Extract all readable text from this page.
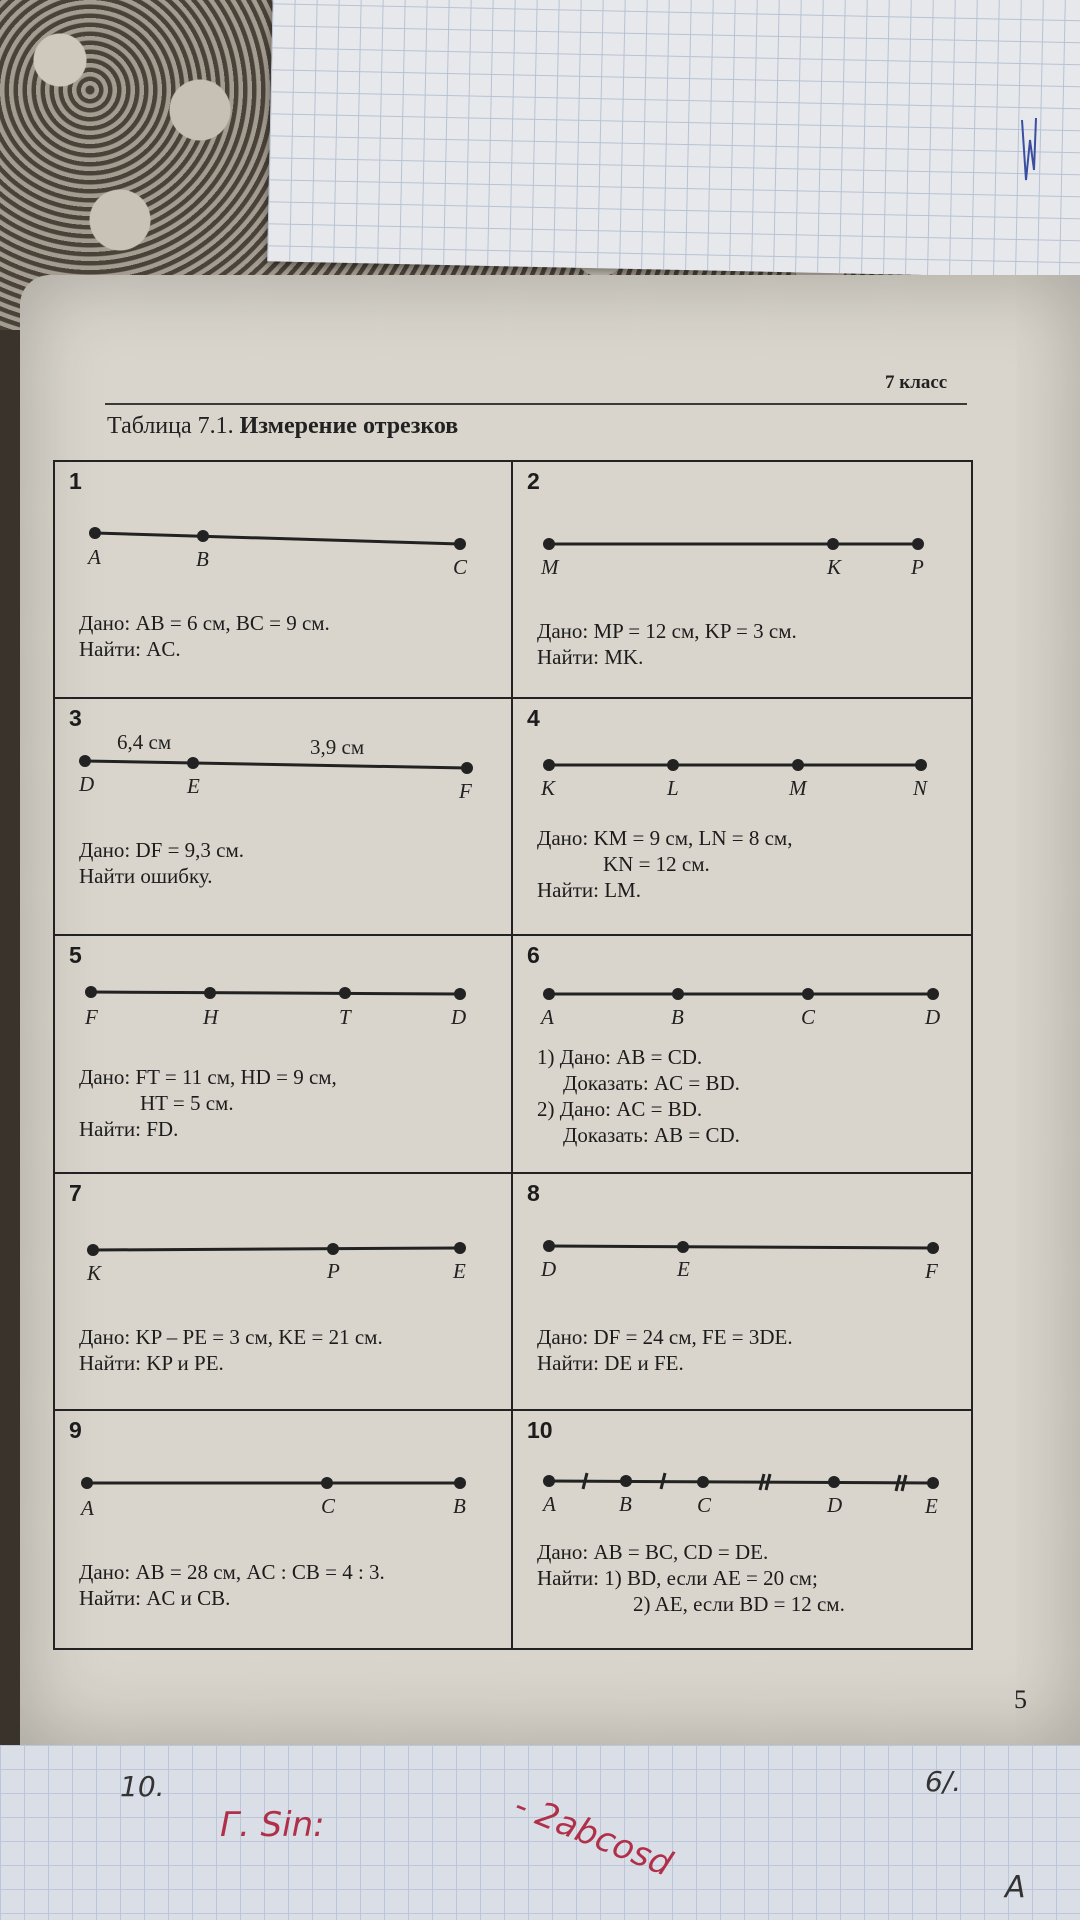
7 класс
Таблица 7.1. Измерение отрезков
1
A	B	C
Дано: AB = 6 см, BC = 9 см.
Найти: AC.
2
M	K	P
Дано: MP = 12 см, KP = 3 см.
Найти: MK.
3
6,4 см	3,9 см
D	E	F
Дано: DF = 9,3 см.
Найти ошибку.
4
K	L	M	N
Дано: KM = 9 см, LN = 8 см,
KN = 12 см.
Найти: LM.
5
F	H	T	D
Дано: FT = 11 см, HD = 9 см,
HT = 5 см.
Найти: FD.
6
A	B	C	D
1) Дано: AB = CD.
Доказать: AC = BD.
2) Дано: AC = BD.
Доказать: AB = CD.
7
K	P	E
Дано: KP – PE = 3 см, KE = 21 см.
Найти: KP и PE.
8
D	E	F
Дано: DF = 24 см, FE = 3DE.
Найти: DE и FE.
9
A	C	B
Дано: AB = 28 см, AC : CB = 4 : 3.
Найти: AC и CB.
10
A	B	C	D	E
Дано: AB = BC, CD = DE.
Найти: 1) BD, если AE = 20 см;
2) AE, если BD = 12 см.
5
10.
Г. Sin:	- 2abcosd
6/.
A
